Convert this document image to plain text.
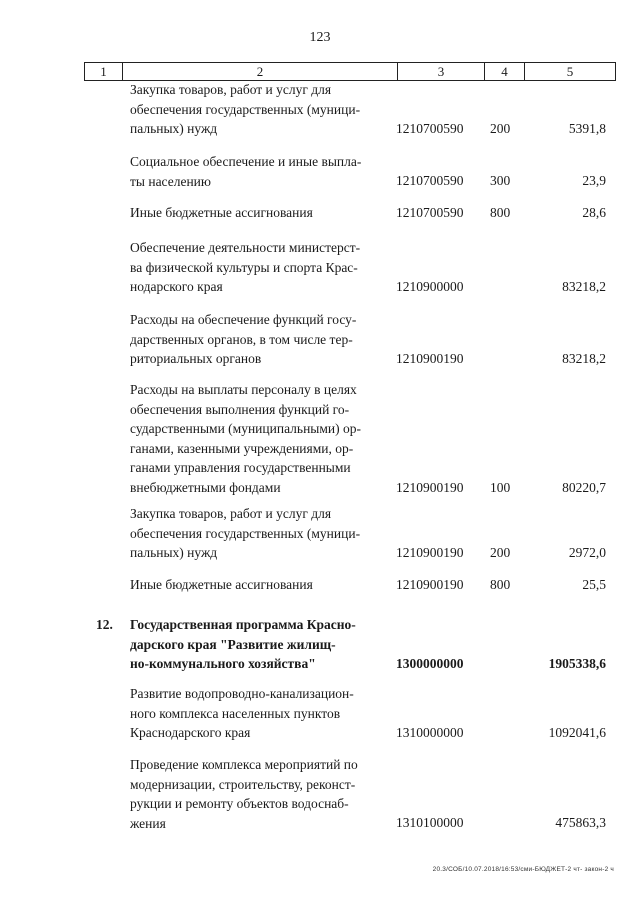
123
1	2	3	4	5
Закупка товаров, работ и услуг для
обеспечения государственных (муници-
пальных) нужд	1210700590 200	5391,8
Социальное обеспечение и иные выпла-
ты населению	1210700590 300	23,9
Иные бюджетные ассигнования	1210700590 800	28,6
Обеспечение деятельности министерст-
ва физической культуры и спорта Крас-
нодарского края	1210900000	83218,2
Расходы на обеспечение функций госу-
дарственных органов, в том числе тер-
риториальных органов	1210900190	83218,2
Расходы на выплаты персоналу в целях
обеспечения выполнения функций го-
сударственными (муниципальными) ор-
ганами, казенными учреждениями, ор-
ганами управления государственными
внебюджетными фондами	1210900190 100	80220,7
Закупка товаров, работ и услуг для
обеспечения государственных (муници-
пальных) нужд	1210900190 200	2972,0
Иные бюджетные ассигнования	1210900190 800	25,5
12. Государственная программа Красно-
дарского края "Развитие жилищ-
но-коммунального хозяйства"	1300000000	1905338,6
Развитие водопроводно-канализацион-
ного комплекса населенных пунктов
Краснодарского края	1310000000	1092041,6
Проведение комплекса мероприятий по
модернизации, строительству, реконст-
рукции и ремонту объектов водоснаб-
жения	1310100000	475863,3
20.3/СОБ/10.07.2018/16:53/сми-БЮДЖЕТ-2 чт- закон-2 ч
